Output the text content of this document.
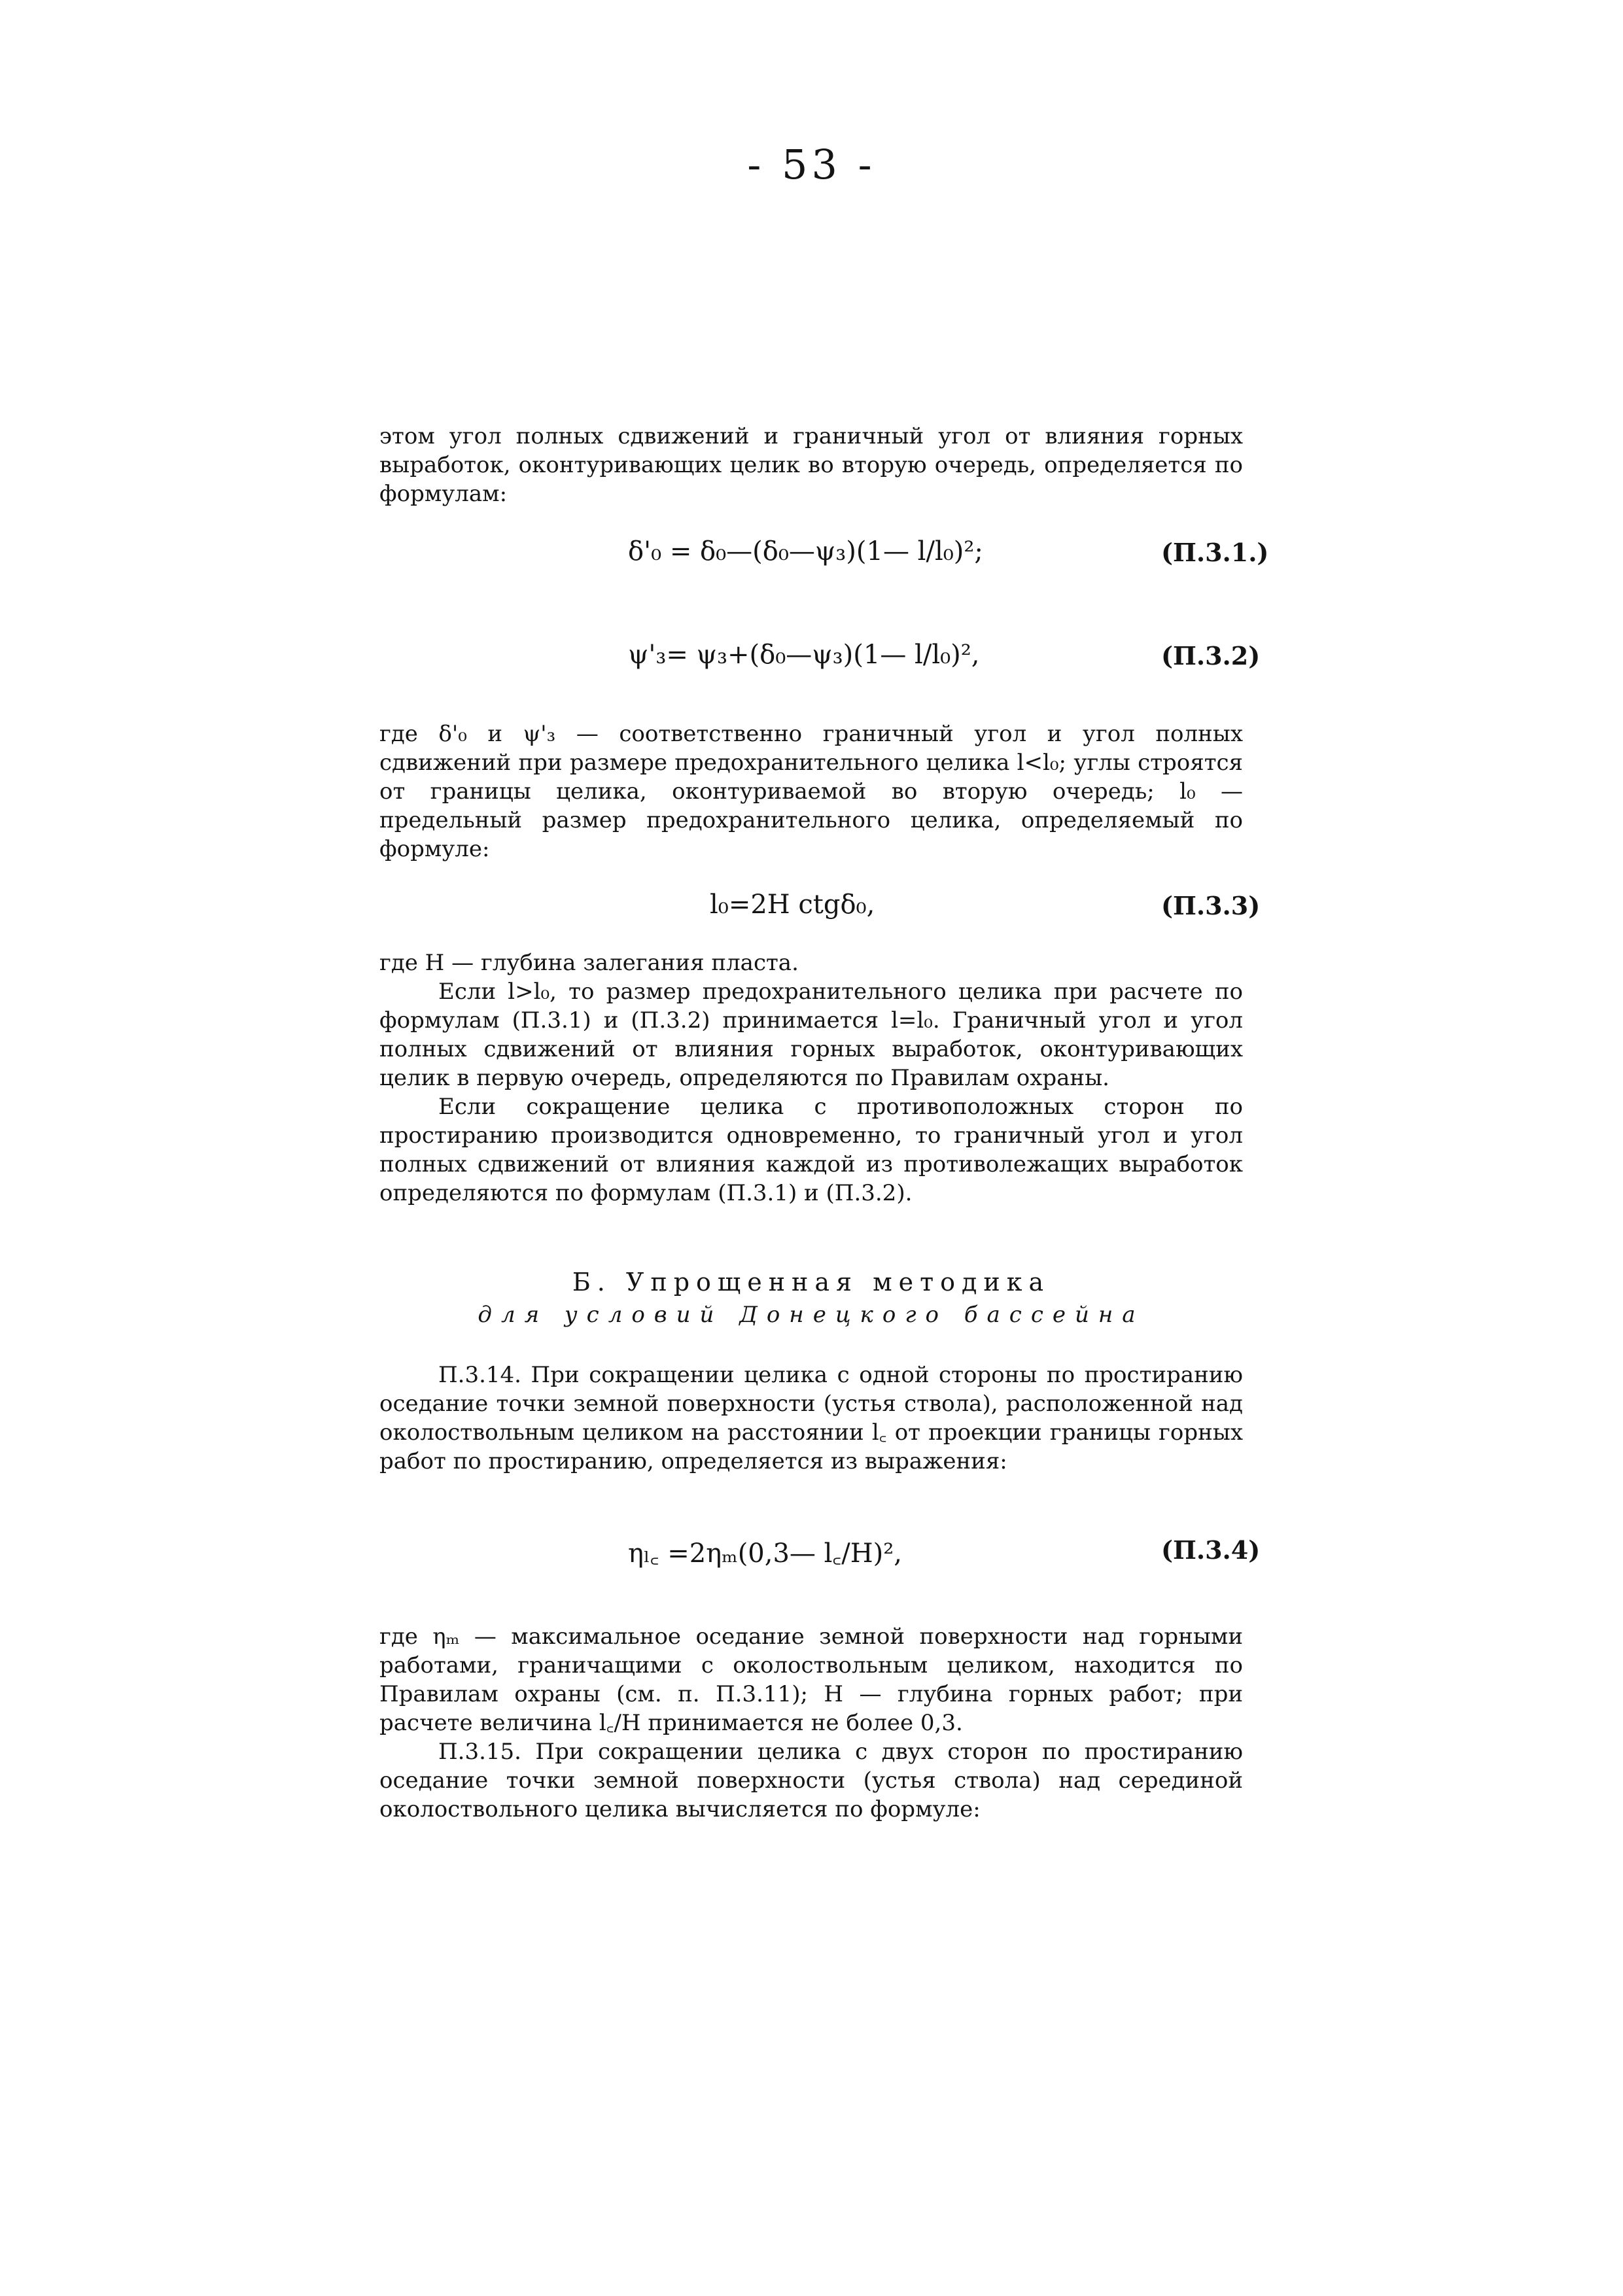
- 53 -

этом угол полных сдвижений и граничный угол от влияния горных выработок, оконтуривающих целик во вторую очередь, определяется по формулам:

δ'₀ = δ₀—(δ₀—ψ₃)(1— l/l₀)²;	(П.3.1.)
ψ'₃= ψ₃+(δ₀—ψ₃)(1— l/l₀)²,	(П.3.2)

где δ'₀ и ψ'₃ — соответственно граничный угол и угол полных сдвижений при размере предохранительного целика l<l₀; углы строятся от границы целика, оконтуриваемой во вторую очередь; l₀ — предельный размер предохранительного целика, определяемый по формуле:

l₀=2H ctgδ₀,	(П.3.3)

где H — глубина залегания пласта.

Если l>l₀, то размер предохранительного целика при расчете по формулам (П.3.1) и (П.3.2) принимается l=l₀. Граничный угол и угол полных сдвижений от влияния горных выработок, оконтуривающих целик в первую очередь, определяются по Правилам охраны.

Если сокращение целика с противоположных сторон по простиранию производится одновременно, то граничный угол и угол полных сдвижений от влияния каждой из противолежащих выработок определяются по формулам (П.3.1) и (П.3.2).

Б. Упрощенная методика
для условий Донецкого бассейна

П.3.14. При сокращении целика с одной стороны по простиранию оседание точки земной поверхности (устья ствола), расположенной над околоствольным целиком на расстоянии l꜀ от проекции границы горных работ по простиранию, определяется из выражения:

ηₗ꜀ =2ηₘ(0,3— l꜀/H)²,	(П.3.4)

где ηₘ — максимальное оседание земной поверхности над горными работами, граничащими с околоствольным целиком, находится по Правилам охраны (см. п. П.3.11); H — глубина горных работ; при расчете величина l꜀/H принимается не более 0,3.

П.3.15. При сокращении целика с двух сторон по простиранию оседание точки земной поверхности (устья ствола) над серединой околоствольного целика вычисляется по формуле:
